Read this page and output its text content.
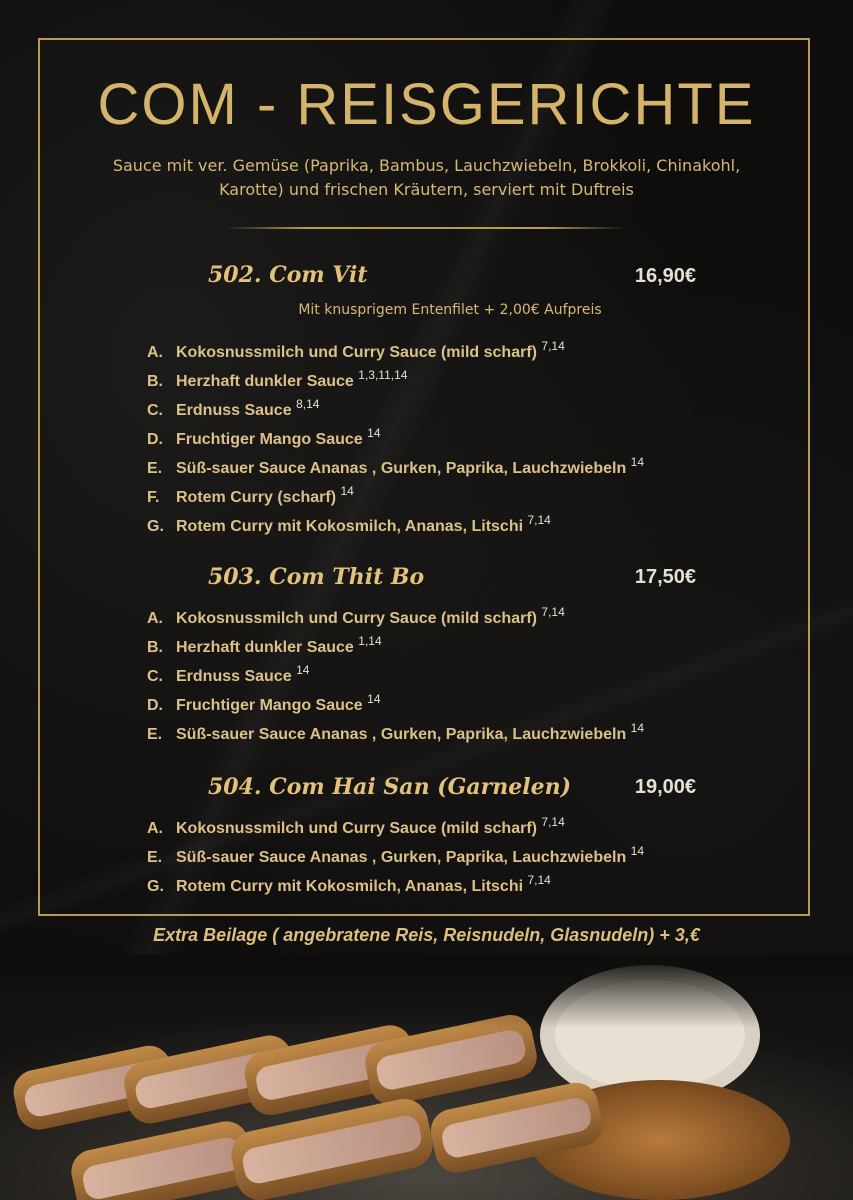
COM - REISGERICHTE
Sauce mit ver. Gemüse (Paprika, Bambus, Lauchzwiebeln, Brokkoli, Chinakohl, Karotte) und frischen Kräutern, serviert mit Duftreis
502. Com Vit	16,90€
Mit knusprigem Entenfilet + 2,00€ Aufpreis
A. Kokosnussmilch und Curry Sauce (mild scharf) $^{7,14}$
B. Herzhaft dunkler Sauce $^{1,3,11,14}$
C. Erdnuss Sauce $^{8,14}$
D. Fruchtiger Mango Sauce $^{14}$
E. Süß-sauer Sauce Ananas , Gurken, Paprika, Lauchzwiebeln $^{14}$
F. Rotem Curry (scharf) $^{14}$
G. Rotem Curry mit Kokosmilch, Ananas, Litschi $^{7,14}$
503. Com Thit Bo	17,50€
A. Kokosnussmilch und Curry Sauce (mild scharf) $^{7,14}$
B. Herzhaft dunkler Sauce $^{1,14}$
C. Erdnuss Sauce $^{14}$
D. Fruchtiger Mango Sauce $^{14}$
E. Süß-sauer Sauce Ananas , Gurken, Paprika, Lauchzwiebeln $^{14}$
504. Com Hai San (Garnelen)	19,00€
A. Kokosnussmilch und Curry Sauce (mild scharf) $^{7,14}$
E. Süß-sauer Sauce Ananas , Gurken, Paprika, Lauchzwiebeln $^{14}$
G. Rotem Curry mit Kokosmilch, Ananas, Litschi $^{7,14}$
Extra Beilage ( angebratene Reis, Reisnudeln, Glasnudeln) + 3,€
